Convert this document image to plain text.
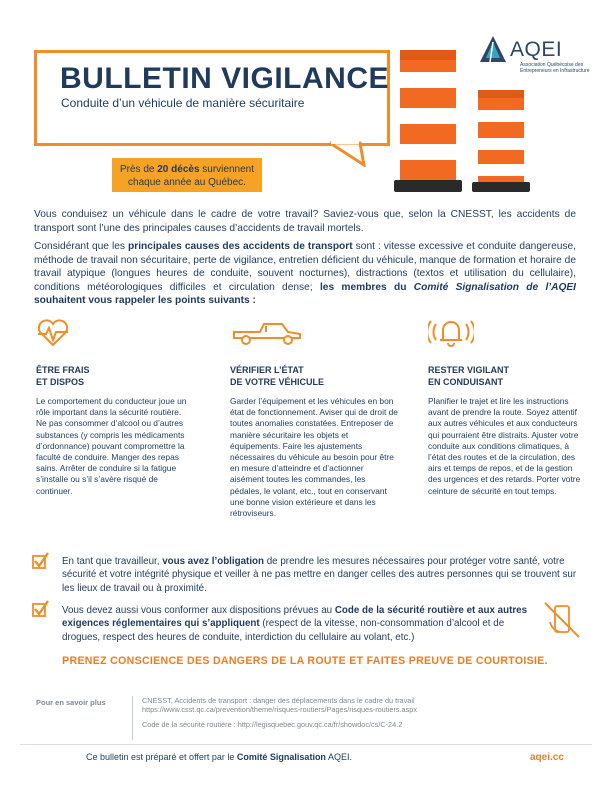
BULLETIN VIGILANCE
Conduite d’un véhicule de manière sécuritaire
Près de 20 décès surviennent
chaque année au Québec.
AQEI
Association Québécoise des Entrepreneurs en Infrastructure
Vous conduisez un véhicule dans le cadre de votre travail? Saviez-vous que, selon la CNESST, les accidents de transport sont l’une des principales causes d’accidents de travail mortels.
Considérant que les principales causes des accidents de transport sont : vitesse excessive et conduite dangereuse, méthode de travail non sécuritaire, perte de vigilance, entretien déficient du véhicule, manque de formation et horaire de travail atypique (longues heures de conduite, souvent nocturnes), distractions (textos et utilisation du cellulaire), conditions météorologiques difficiles et circulation dense; les membres du Comité Signalisation de l’AQEI souhaitent vous rappeler les points suivants :
ÊTRE FRAIS
ET DISPOS
Le comportement du conducteur joue un rôle important dans la sécurité routière. Ne pas consommer d’alcool ou d’autres substances (y compris les médicaments d’ordonnance) pouvant compromettre la faculté de conduire. Manger des repas sains. Arrêter de conduire si la fatigue s’installe ou s’il s’avère risqué de continuer.
VÉRIFIER L’ÉTAT
DE VOTRE VÉHICULE
Garder l’équipement et les véhicules en bon état de fonctionnement. Aviser qui de droit de toutes anomalies constatées. Entreposer de manière sécuritaire les objets et équipements. Faire les ajustements nécessaires du véhicule au besoin pour être en mesure d’atteindre et d’actionner aisément toutes les commandes, les pédales, le volant, etc., tout en conservant une bonne vision extérieure et dans les rétroviseurs.
RESTER VIGILANT
EN CONDUISANT
Planifier le trajet et lire les instructions avant de prendre la route. Soyez attentif aux autres véhicules et aux conducteurs qui pourraient être distraits. Ajuster votre conduite aux conditions climatiques, à l’état des routes et de la circulation, des airs et temps de repos, et de la gestion des urgences et des retards. Porter votre ceinture de sécurité en tout temps.
En tant que travailleur, vous avez l’obligation de prendre les mesures nécessaires pour protéger votre santé, votre sécurité et votre intégrité physique et veiller à ne pas mettre en danger celles des autres personnes qui se trouvent sur les lieux de travail ou à proximité.
Vous devez aussi vous conformer aux dispositions prévues au Code de la sécurité routière et aux autres exigences réglementaires qui s’appliquent (respect de la vitesse, non-consommation d’alcool et de drogues, respect des heures de conduite, interdiction du cellulaire au volant, etc.)
PRENEZ CONSCIENCE DES DANGERS DE LA ROUTE ET FAITES PREUVE DE COURTOISIE.
Pour en savoir plus	CNESST, Accidents de transport : danger des déplacements dans le cadre du travail
https://www.csst.qc.ca/prevention/theme/risques-routiers/Pages/risques-routiers.aspx
Code de la sécurité routière : http://legisquebec.gouv.qc.ca/fr/showdoc/cs/C-24.2
Ce bulletin est préparé et offert par le Comité Signalisation AQEI.	aqei.cc
